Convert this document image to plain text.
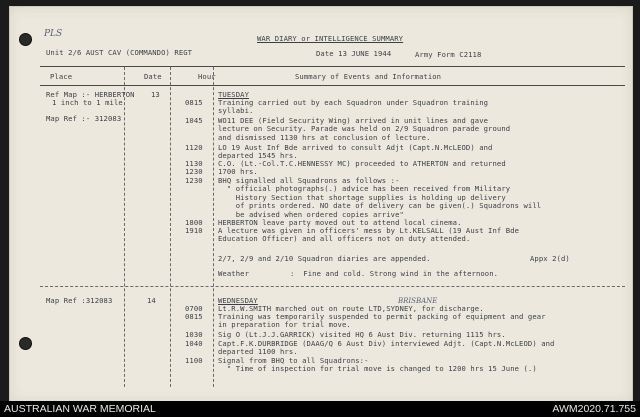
PLS	WAR DIARY or INTELLIGENCE SUMMARY
Unit 2/6 AUST CAV (COMMANDO) REGT	Date 13 JUNE 1944	Army Form C2118
Place	Date	Hour	Summary of Events and Information
Ref Map :- HERBERTON
1 inch to 1 mile
Map Ref :- 312083
13	TUESDAY
0815 Training carried out by each Squadron under Squadron training
syllabi.
1045 WO11 DEE (Field Security Wing) arrived in unit lines and gave
lecture on Security. Parade was held on 2/9 Squadron parade ground
and dismissed 1130 hrs at conclusion of lecture.
1120 LO 19 Aust Inf Bde arrived to consult Adjt (Capt.N.McLEOD) and
departed 1545 hrs.
1130 C.O. (Lt.-Col.T.C.HENNESSY MC) proceeded to ATHERTON and returned
1700 hrs.
1230
1230 BHQ signalled all Squadrons as follows :-
" official photographs(.) advice has been received from Military
History Section that shortage supplies is holding up delivery
of prints ordered. NO date of delivery can be given(.) Squadrons will
be advised when ordered copies arrive"
1800 HERBERTON leave party moved out to attend local cinema.
1910 A lecture was given in officers' mess by Lt.KELSALL (19 Aust Inf Bde
Education Officer) and all officers not on duty attended.
2/7, 2/9 and 2/10 Squadron diaries are appended.	Appx 2(d)
Weather	:  Fine and cold. Strong wind in the afternoon.
Map Ref :312083	14	WEDNESDAY	BRISBANE
0700 Lt.R.W.SMITH marched out on route LTD,SYDNEY, for discharge.
0815 Training was temporarily suspended to permit packing of equipment and gear
in preparation for trial move.
1030 Sig O (Lt.J.J.GARRICK) visited HQ 6 Aust Div. returning 1115 hrs.
1040 Capt.F.K.DURBRIDGE (DAAG/Q 6 Aust Div) interviewed Adjt. (Capt.N.McLEOD) and
departed 1100 hrs.
1100 Signal from BHQ to all Squadrons:-
" Time of inspection for trial move is changed to 1200 hrs 15 June (.)
AUSTRALIAN WAR MEMORIAL	AWM2020.71.755
